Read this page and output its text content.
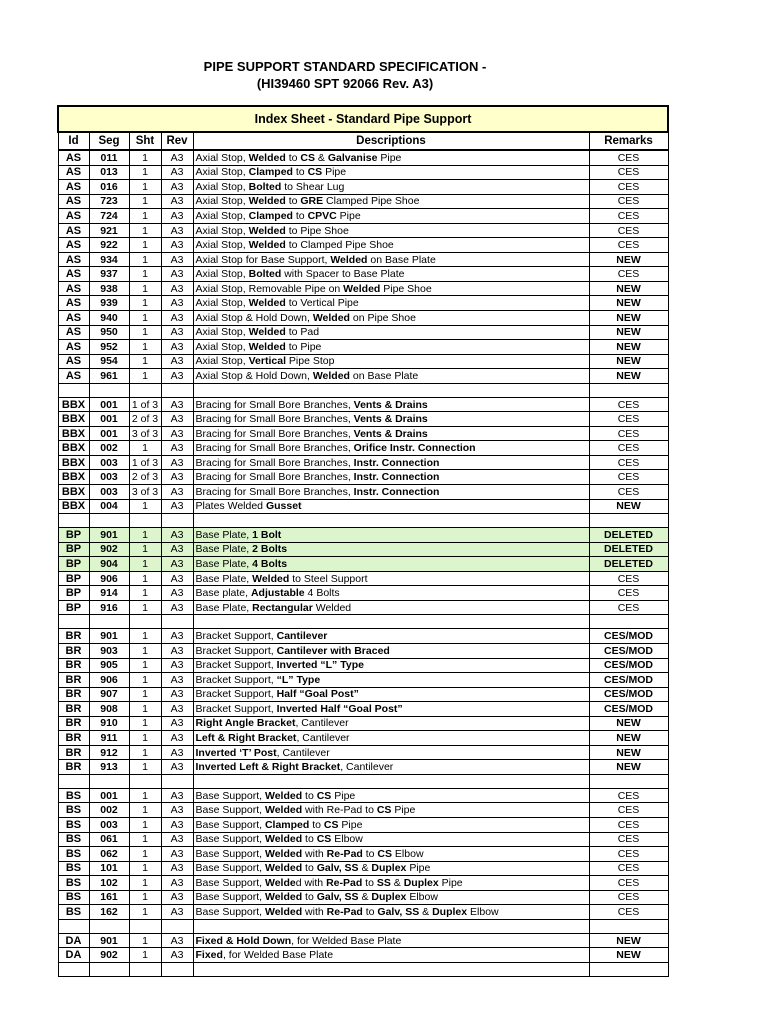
PIPE SUPPORT STANDARD SPECIFICATION -
(HI39460 SPT 92066 Rev. A3)
Index Sheet - Standard Pipe Support					
Id	Seg	Sht	Rev	Descriptions	Remarks
AS	011	1	A3	Axial Stop, Welded to CS & Galvanise Pipe	CES
AS	013	1	A3	Axial Stop, Clamped to CS Pipe	CES
AS	016	1	A3	Axial Stop, Bolted to Shear Lug	CES
AS	723	1	A3	Axial Stop, Welded to GRE Clamped Pipe Shoe	CES
AS	724	1	A3	Axial Stop, Clamped to CPVC Pipe	CES
AS	921	1	A3	Axial Stop, Welded to Pipe Shoe	CES
AS	922	1	A3	Axial Stop, Welded to Clamped Pipe Shoe	CES
AS	934	1	A3	Axial Stop for Base Support, Welded on Base Plate	NEW
AS	937	1	A3	Axial Stop, Bolted with Spacer to Base Plate	CES
AS	938	1	A3	Axial Stop, Removable Pipe on Welded Pipe Shoe	NEW
AS	939	1	A3	Axial Stop, Welded to Vertical Pipe	NEW
AS	940	1	A3	Axial Stop & Hold Down, Welded on Pipe Shoe	NEW
AS	950	1	A3	Axial Stop, Welded to Pad	NEW
AS	952	1	A3	Axial Stop, Welded to Pipe	NEW
AS	954	1	A3	Axial Stop, Vertical Pipe Stop	NEW
AS	961	1	A3	Axial Stop & Hold Down, Welded on Base Plate	NEW

BBX	001	1 of 3	A3	Bracing for Small Bore Branches, Vents & Drains	CES
BBX	001	2 of 3	A3	Bracing for Small Bore Branches, Vents & Drains	CES
BBX	001	3 of 3	A3	Bracing for Small Bore Branches, Vents & Drains	CES
BBX	002	1	A3	Bracing for Small Bore Branches, Orifice Instr. Connection	CES
BBX	003	1 of 3	A3	Bracing for Small Bore Branches, Instr. Connection	CES
BBX	003	2 of 3	A3	Bracing for Small Bore Branches, Instr. Connection	CES
BBX	003	3 of 3	A3	Bracing for Small Bore Branches, Instr. Connection	CES
BBX	004	1	A3	Plates Welded Gusset	NEW

BP	901	1	A3	Base Plate, 1 Bolt	DELETED
BP	902	1	A3	Base Plate, 2 Bolts	DELETED
BP	904	1	A3	Base Plate, 4 Bolts	DELETED
BP	906	1	A3	Base Plate, Welded to Steel Support	CES
BP	914	1	A3	Base plate, Adjustable 4 Bolts	CES
BP	916	1	A3	Base Plate, Rectangular Welded	CES

BR	901	1	A3	Bracket Support, Cantilever	CES/MOD
BR	903	1	A3	Bracket Support, Cantilever with Braced	CES/MOD
BR	905	1	A3	Bracket Support, Inverted “L” Type	CES/MOD
BR	906	1	A3	Bracket Support, “L” Type	CES/MOD
BR	907	1	A3	Bracket Support, Half “Goal Post”	CES/MOD
BR	908	1	A3	Bracket Support, Inverted Half “Goal Post”	CES/MOD
BR	910	1	A3	Right Angle Bracket, Cantilever	NEW
BR	911	1	A3	Left & Right Bracket, Cantilever	NEW
BR	912	1	A3	Inverted ‘T’ Post, Cantilever	NEW
BR	913	1	A3	Inverted Left & Right Bracket, Cantilever	NEW

BS	001	1	A3	Base Support, Welded to CS Pipe	CES
BS	002	1	A3	Base Support, Welded with Re-Pad to CS Pipe	CES
BS	003	1	A3	Base Support, Clamped to CS Pipe	CES
BS	061	1	A3	Base Support, Welded to CS Elbow	CES
BS	062	1	A3	Base Support, Welded with Re-Pad to CS Elbow	CES
BS	101	1	A3	Base Support, Welded to Galv, SS & Duplex Pipe	CES
BS	102	1	A3	Base Support, Welded with Re-Pad to SS & Duplex Pipe	CES
BS	161	1	A3	Base Support, Welded to Galv, SS & Duplex Elbow	CES
BS	162	1	A3	Base Support, Welded with Re-Pad to Galv, SS & Duplex Elbow	CES

DA	901	1	A3	Fixed & Hold Down, for Welded Base Plate	NEW
DA	902	1	A3	Fixed, for Welded Base Plate	NEW
